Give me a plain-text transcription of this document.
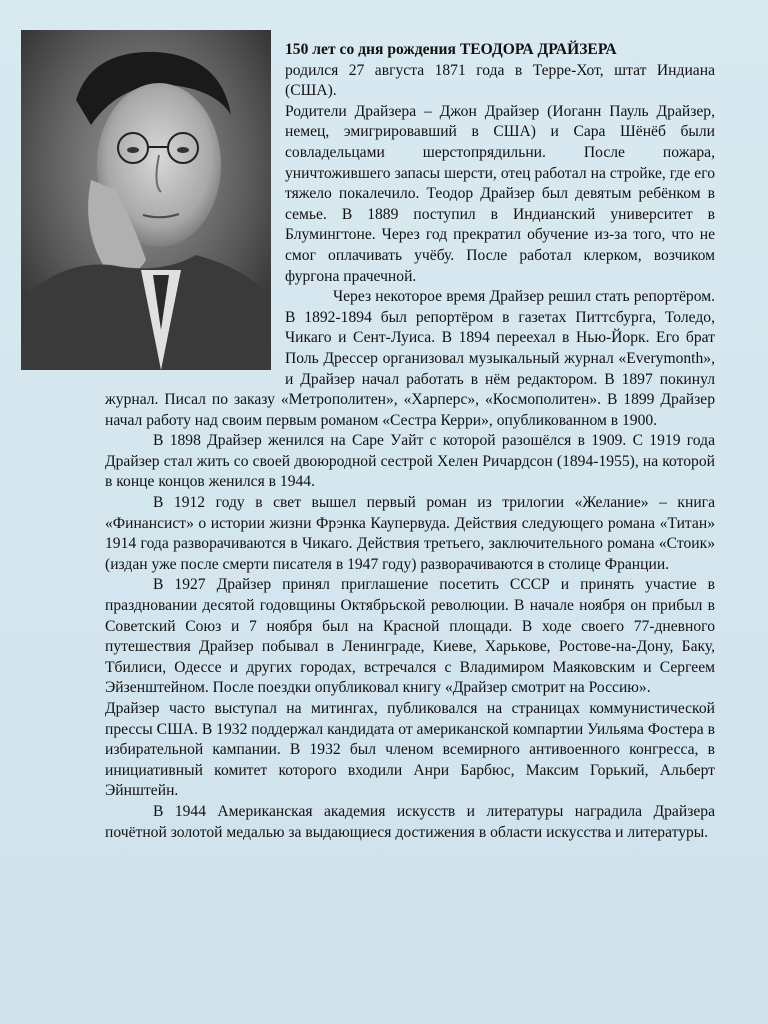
150 лет со дня рождения ТЕОДОРА ДРАЙЗЕРА

родился 27 августа 1871 года в Терре-Хот, штат Индиана (США).

Родители Драйзера – Джон Драйзер (Иоганн Пауль Драйзер, немец, эмигрировавший в США) и Сара Шёнёб были совладельцами шерстопрядильни. После пожара, уничтожившего запасы шерсти, отец работал на стройке, где его тяжело покалечило. Теодор Драйзер был девятым ребёнком в семье. В 1889 поступил в Индианский университет в Блумингтоне. Через год прекратил обучение из-за того, что не смог оплачивать учёбу. После работал клерком, возчиком фургона прачечной.

Через некоторое время Драйзер решил стать репортёром. В 1892-1894 был репортёром в газетах Питтсбурга, Толедо, Чикаго и Сент-Луиса. В 1894 переехал в Нью-Йорк. Его брат Поль Дрессер организовал музыкальный журнал «Everymonth», и Драйзер начал работать в нём редактором. В 1897 покинул журнал. Писал по заказу «Метрополитен», «Харперс», «Космополитен». В 1899 Драйзер начал работу над своим первым романом «Сестра Керри», опубликованном в 1900.

В 1898 Драйзер женился на Саре Уайт с которой разошёлся в 1909. С 1919 года Драйзер стал жить со своей двоюродной сестрой Хелен Ричардсон (1894-1955), на которой в конце концов женился в 1944.

В 1912 году в свет вышел первый роман из трилогии «Желание» – книга «Финансист» о истории жизни Фрэнка Каупервуда. Действия следующего романа «Титан» 1914 года разворачиваются в Чикаго. Действия третьего, заключительного романа «Стоик» (издан уже после смерти писателя в 1947 году) разворачиваются в столице Франции.

В 1927 Драйзер принял приглашение посетить СССР и принять участие в праздновании десятой годовщины Октябрьской революции. В начале ноября он прибыл в Советский Союз и 7 ноября был на Красной площади. В ходе своего 77-дневного путешествия Драйзер побывал в Ленинграде, Киеве, Харькове, Ростове-на-Дону, Баку, Тбилиси, Одессе и других городах, встречался с Владимиром Маяковским и Сергеем Эйзенштейном. После поездки опубликовал книгу «Драйзер смотрит на Россию».

Драйзер часто выступал на митингах, публиковался на страницах коммунистической прессы США. В 1932 поддержал кандидата от американской компартии Уильяма Фостера в избирательной кампании. В 1932 был членом всемирного антивоенного конгресса, в инициативный комитет которого входили Анри Барбюс, Максим Горький, Альберт Эйнштейн.

В 1944 Американская академия искусств и литературы наградила Драйзера почётной золотой медалью за выдающиеся достижения в области искусства и литературы.
